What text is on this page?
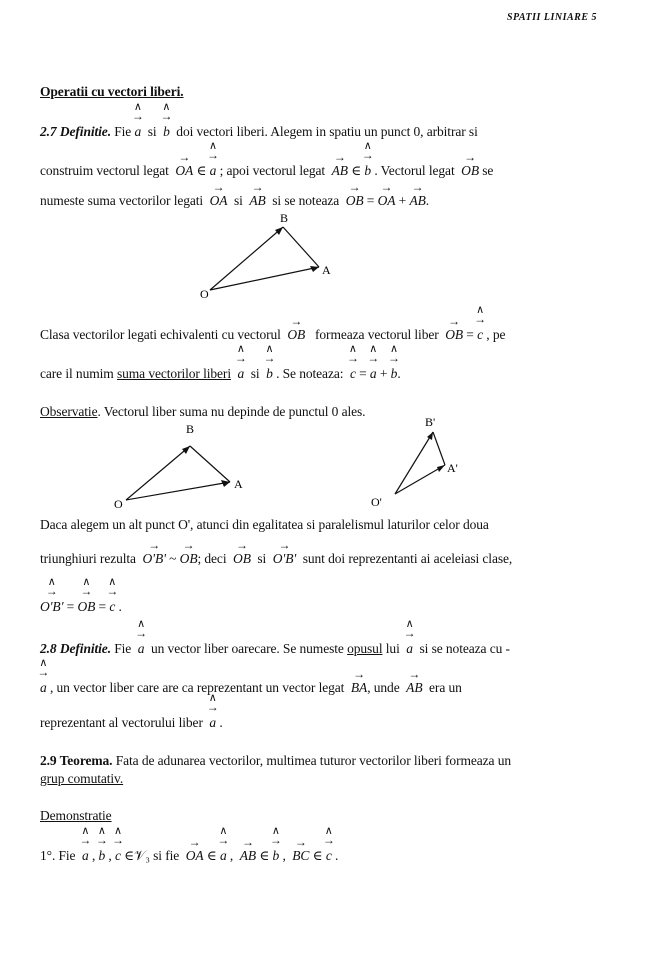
SPATII LINIARE 5
Operatii cu vectori liberi.
2.7 Definitie. Fie ∧ a → si ∧ b → doi vectori liberi. Alegem in spatiu un punct 0, arbitrar si
construim vectorul legat → OA ∈ ∧ a → ; apoi vectorul legat → AB ∈ ∧ b → . Vectorul legat → OB se
numeste suma vectorilor legati → OA si → AB si se noteaza → OB = → OA + → AB.
B
A
O
Clasa vectorilor legati echivalenti cu vectorul → OB formeaza vectorul liber → OB = ∧ c → , pe
care il numim suma vectorilor liberi ∧ a → si ∧ b → . Se noteaza: ∧ c → = ∧ a → + ∧ b →.
Observatie. Vectorul liber suma nu depinde de punctul 0 ales.
B
A
O
B'
A'
O'
Daca alegem un alt punct O', atunci din egalitatea si paralelismul laturilor celor doua
triunghiuri rezulta → O'B' ~ → OB; deci → OB si → O'B' sunt doi reprezentanti ai aceleiasi clase,
∧ O'B' → = ∧ OB → = ∧ c → .
2.8 Definitie. Fie ∧ a → un vector liber oarecare. Se numeste opusul lui ∧ a → si se noteaza cu -
∧ a → , un vector liber care are ca reprezentant un vector legat → BA, unde → AB era un
reprezentant al vectorului liber ∧ a → .
2.9 Teorema. Fata de adunarea vectorilor, multimea tuturor vectorilor liberi formeaza un
grup comutativ.
Demonstratie
1°. Fie ∧ a → , ∧ b → , ∧ c → ∈𝒱₃ si fie → OA ∈ ∧ a → ,  → AB ∈ ∧ b → ,  → BC ∈ ∧ c → .
